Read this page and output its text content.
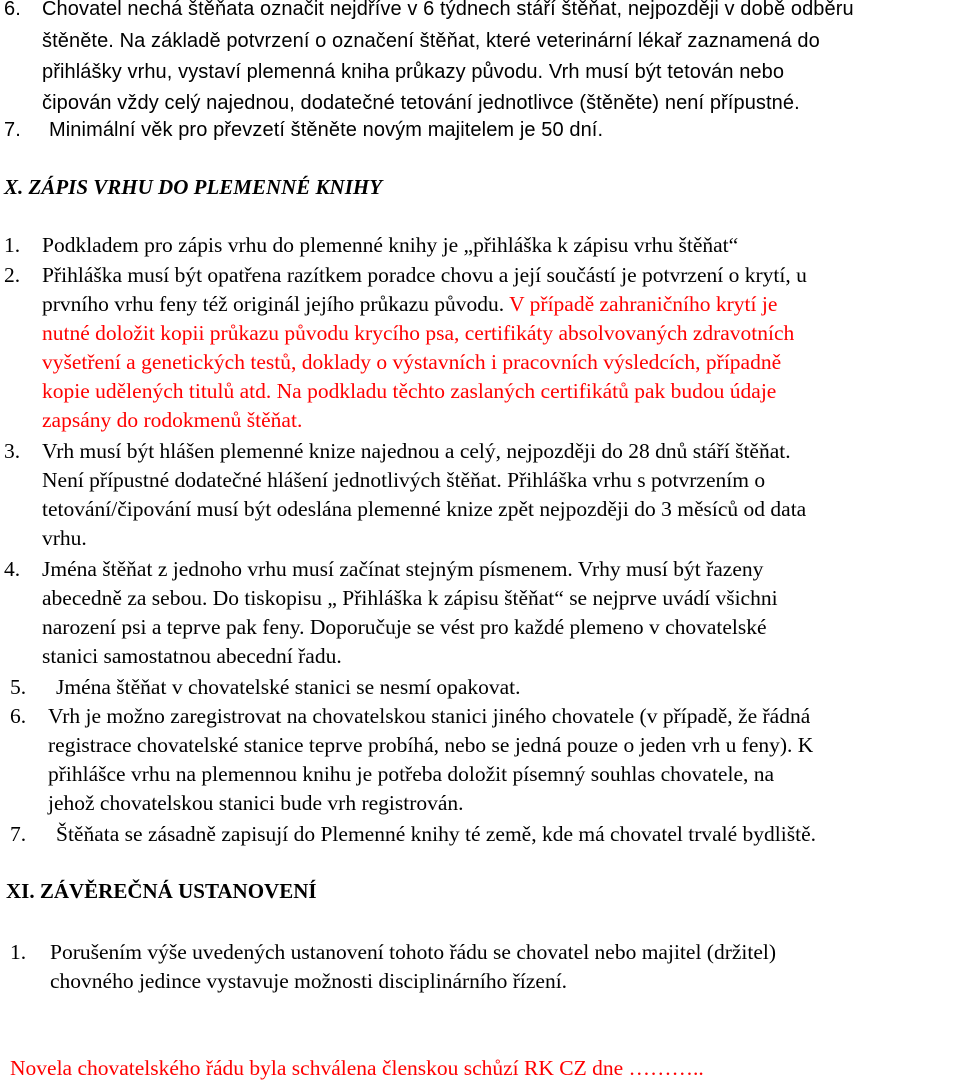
6. Chovatel nechá štěňata označit nejdříve v 6 týdnech stáří štěňat, nejpozději v době odběru

štěněte. Na základě potvrzení o označení štěňat, které veterinární lékař zaznamená do

přihlášky vrhu, vystaví plemenná kniha průkazy původu. Vrh musí být tetován nebo

čipován vždy celý najednou, dodatečné tetování jednotlivce (štěněte) není přípustné.

7. Minimální věk pro převzetí štěněte novým majitelem je 50 dní.

X. ZÁPIS VRHU DO PLEMENNÉ KNIHY
1. Podkladem pro zápis vrhu do plemenné knihy je „přihláška k zápisu vrhu štěňat“

2. Přihláška musí být opatřena razítkem poradce chovu a její součástí je potvrzení o krytí, u

prvního vrhu feny též originál jejího průkazu původu. V případě zahraničního krytí je

nutné doložit kopii průkazu původu krycího psa, certifikáty absolvovaných zdravotních

vyšetření a genetických testů, doklady o výstavních i pracovních výsledcích, případně

kopie udělených titulů atd. Na podkladu těchto zaslaných certifikátů pak budou údaje

zapsány do rodokmenů štěňat.

3. Vrh musí být hlášen plemenné knize najednou a celý, nejpozději do 28 dnů stáří štěňat.

Není přípustné dodatečné hlášení jednotlivých štěňat. Přihláška vrhu s potvrzením o

tetování/čipování musí být odeslána plemenné knize zpět nejpozději do 3 měsíců od data

vrhu.

4. Jména štěňat z jednoho vrhu musí začínat stejným písmenem. Vrhy musí být řazeny

abecedně za sebou. Do tiskopisu „ Přihláška k zápisu štěňat“ se nejprve uvádí všichni

narození psi a teprve pak feny. Doporučuje se vést pro každé plemeno v chovatelské

stanici samostatnou abecední řadu.

5. Jména štěňat v chovatelské stanici se nesmí opakovat.

6. Vrh je možno zaregistrovat na chovatelskou stanici jiného chovatele (v případě, že řádná

registrace chovatelské stanice teprve probíhá, nebo se jedná pouze o jeden vrh u feny). K

přihlášce vrhu na plemennou knihu je potřeba doložit písemný souhlas chovatele, na

jehož chovatelskou stanici bude vrh registrován.

7. Štěňata se zásadně zapisují do Plemenné knihy té země, kde má chovatel trvalé bydliště.

XI. ZÁVĚREČNÁ USTANOVENÍ
1. Porušením výše uvedených ustanovení tohoto řádu se chovatel nebo majitel (držitel)

chovného jedince vystavuje možnosti disciplinárního řízení.

Novela chovatelského řádu byla schválena členskou schůzí RK CZ dne ………..
